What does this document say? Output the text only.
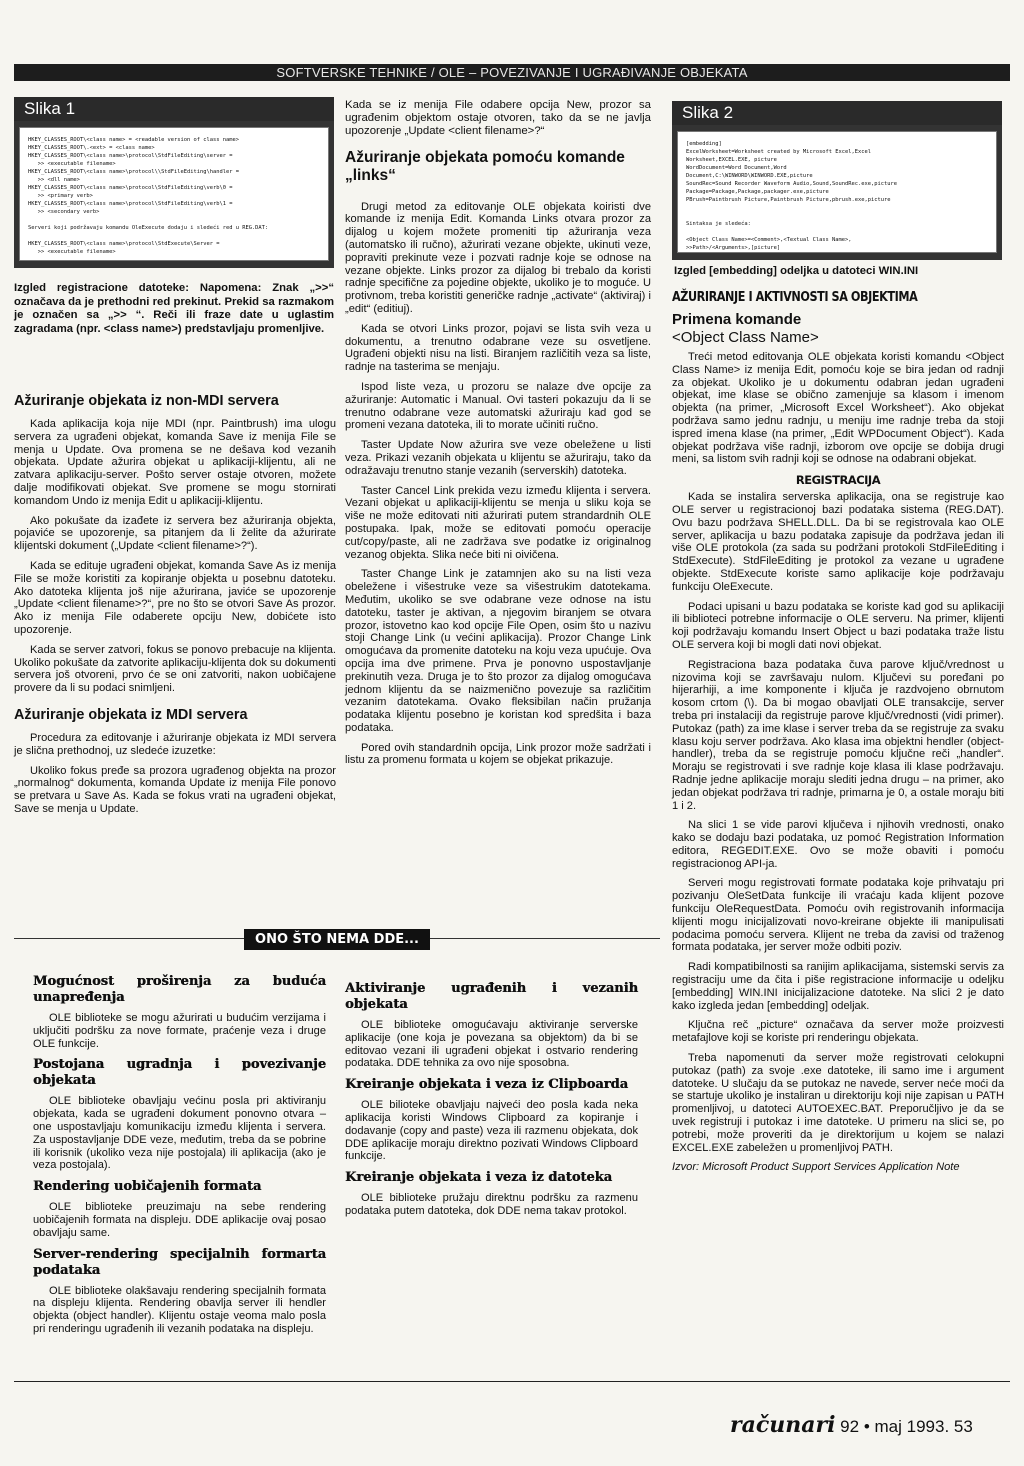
SOFTVERSKE TEHNIKE / OLE – POVEZIVANJE I UGRAĐIVANJE OBJEKATA
Slika 1
HKEY_CLASSES_ROOT\<class name> = <readable version of class name>
HKEY_CLASSES_ROOT\.<ext> = <class name>
HKEY_CLASSES_ROOT\<class name>\protocol\StdFileEditing\server =
>> <executable filename>
HKEY_CLASSES_ROOT\<class name>\protocol\\StdFileEditing\handler =
>> <dll name>
HKEY_CLASSES_ROOT\<class name>\protocol\StdFileEditing\verb\0 =
>> <primary verb>
HKEY_CLASSES_ROOT\<class name>\protocol\StdFileEditing\verb\1 =
>> <secondary verb>

Serveri koji podržavaju komandu OleExecute dodaju i sledeći red u REG.DAT:

HKEY_CLASSES_ROOT\<class name>\protocol\StdExecute\Server =
>> <executable filename>
Izgled registracione datoteke: Napomena: Znak „>>“ označava da je prethodni red prekinut. Prekid sa razmakom je označen sa „>> “. Reči ili fraze date u uglastim zagradama (npr. <class name>) predstavljaju promenljive.
Ažuriranje objekata iz non-MDI servera

Kada aplikacija koja nije MDI (npr. Paintbrush) ima ulogu servera za ugrađeni objekat, komanda Save iz menija File se menja u Update. Ova promena se ne dešava kod vezanih objekata. Update ažurira objekat u aplikaciji-klijentu, ali ne zatvara aplikaciju-server. Pošto server ostaje otvoren, možete dalje modifikovati objekat. Sve promene se mogu stornirati komandom Undo iz menija Edit u aplikaciji-klijentu.

Ako pokušate da izađete iz servera bez ažuriranja objekta, pojaviće se upozorenje, sa pitanjem da li želite da ažurirate klijentski dokument („Update <client filename>?“).

Kada se edituje ugrađeni objekat, komanda Save As iz menija File se može koristiti za kopiranje objekta u posebnu datoteku. Ako datoteka klijenta još nije ažurirana, javiće se upozorenje „Update <client filename>?“, pre no što se otvori Save As prozor. Ako iz menija File odaberete opciju New, dobićete isto upozorenje.

Kada se server zatvori, fokus se ponovo prebacuje na klijenta. Ukoliko pokušate da zatvorite aplikaciju-klijenta dok su dokumenti servera još otvoreni, prvo će se oni zatvoriti, nakon uobičajene provere da li su podaci snimljeni.

Ažuriranje objekata iz MDI servera

Procedura za editovanje i ažuriranje objekata iz MDI servera je slična prethodnoj, uz sledeće izuzetke:

Ukoliko fokus pređe sa prozora ugrađenog objekta na prozor „normalnog“ dokumenta, komanda Update iz menija File ponovo se pretvara u Save As. Kada se fokus vrati na ugrađeni objekat, Save se menja u Update.

Kada se iz menija File odabere opcija New, prozor sa ugrađenim objektom ostaje otvoren, tako da se ne javlja upozorenje „Update <client filename>?“

Ažuriranje objekata pomoću komande „links“

Drugi metod za editovanje OLE objekata koiristi dve komande iz menija Edit. Komanda Links otvara prozor za dijalog u kojem možete promeniti tip ažuriranja veza (automatsko ili ručno), ažurirati vezane objekte, ukinuti veze, popraviti prekinute veze i pozvati radnje koje se odnose na vezane objekte. Links prozor za dijalog bi trebalo da koristi radnje specifične za pojedine objekte, ukoliko je to moguće. U protivnom, treba koristiti generičke radnje „activate“ (aktiviraj) i „edit“ (editiuj).

Kada se otvori Links prozor, pojavi se lista svih veza u dokumentu, a trenutno odabrane veze su osvetljene. Ugrađeni objekti nisu na listi. Biranjem različitih veza sa liste, radnje na tasterima se menjaju.

Ispod liste veza, u prozoru se nalaze dve opcije za ažuriranje: Automatic i Manual. Ovi tasteri pokazuju da li se trenutno odabrane veze automatski ažuriraju kad god se promeni vezana datoteka, ili to morate učiniti ručno.

Taster Update Now ažurira sve veze obeležene u listi veza. Prikazi vezanih objekata u klijentu se ažuriraju, tako da odražavaju trenutno stanje vezanih (serverskih) datoteka.

Taster Cancel Link prekida vezu između klijenta i servera. Vezani objekat u aplikaciji-klijentu se menja u sliku koja se više ne može editovati niti ažurirati putem strandardnih OLE postupaka. Ipak, može se editovati pomoću operacije cut/copy/paste, ali ne zadržava sve podatke iz originalnog vezanog objekta. Slika neće biti ni oivičena.

Taster Change Link je zatamnjen ako su na listi veza obeležene i višestruke veze sa višestrukim datotekama. Međutim, ukoliko se sve odabrane veze odnose na istu datoteku, taster je aktivan, a njegovim biranjem se otvara prozor, istovetno kao kod opcije File Open, osim što u nazivu stoji Change Link (u većini aplikacija). Prozor Change Link omogućava da promenite datoteku na koju veza upućuje. Ova opcija ima dve primene. Prva je ponovno uspostavljanje prekinutih veza. Druga je to što prozor za dijalog omogućava jednom klijentu da se naizmenično povezuje sa različitim vezanim datotekama. Ovako fleksibilan način pružanja podataka klijentu posebno je koristan kod spredšita i baza podataka.

Pored ovih standardnih opcija, Link prozor može sadržati i listu za promenu formata u kojem se objekat prikazuje.

Slika 2
[embedding]
ExcelWorksheet=Worksheet created by Microsoft Excel,Excel
Worksheet,EXCEL.EXE, picture
WordDocument=Word Document,Word
Document,C:\WINWORD\WINWORD.EXE,picture
SoundRec=Sound Recorder Waveform Audio,Sound,SoundRec.exe,picture
Package=Package,Package,packager.exe,picture
PBrush=Paintbrush Picture,Paintbrush Picture,pbrush.exe,picture

Sintaksa je sledeća:

<Object Class Name>=<Comment>,<Textual Class Name>,
>>Path>/<Arguments>,[picture]
Izgled [embedding] odeljka u datoteci WIN.INI
AŽURIRANJE I AKTIVNOSTI SA OBJEKTIMA
Primena komande
<Object Class Name>

Treći metod editovanja OLE objekata koristi komandu <Object Class Name> iz menija Edit, pomoću koje se bira jedan od radnji za objekat. Ukoliko je u dokumentu odabran jedan ugrađeni objekat, ime klase se obično zamenjuje sa klasom i imenom objekta (na primer, „Microsoft Excel Worksheet“). Ako objekat podržava samo jednu radnju, u meniju ime radnje treba da stoji ispred imena klase (na primer, „Edit WPDocument Object“). Kada objekat podržava više radnji, izborom ove opcije se dobija drugi meni, sa listom svih radnji koji se odnose na odabrani objekat.

REGISTRACIJA

Kada se instalira serverska aplikacija, ona se registruje kao OLE server u registracionoj bazi podataka sistema (REG.DAT). Ovu bazu podržava SHELL.DLL. Da bi se registrovala kao OLE server, aplikacija u bazu podataka zapisuje da podržava jedan ili više OLE protokola (za sada su podržani protokoli StdFileEditing i StdExecute). StdFileEditing je protokol za vezane u ugrađene objekte. StdExecute koriste samo aplikacije koje podržavaju funkciju OleExecute.

Podaci upisani u bazu podataka se koriste kad god su aplikaciji ili biblioteci potrebne informacije o OLE serveru. Na primer, klijenti koji podržavaju komandu Insert Object u bazi podataka traže listu OLE servera koji bi mogli dati novi objekat.

Registraciona baza podataka čuva parove ključ/vrednost u nizovima koji se završavaju nulom. Ključevi su poređani po hijerarhiji, a ime komponente i ključa je razdvojeno obrnutom kosom crtom (\). Da bi mogao obavljati OLE transakcije, server treba pri instalaciji da registruje parove ključ/vrednosti (vidi primer). Putokaz (path) za ime klase i server treba da se registruje za svaku klasu koju server podržava. Ako klasa ima objektni hendler (object-handler), treba da se registruje pomoću ključne reči „handler“. Moraju se registrovati i sve radnje koje klasa ili klase podržavaju. Radnje jedne aplikacije moraju slediti jedna drugu – na primer, ako jedan objekat podržava tri radnje, primarna je 0, a ostale moraju biti 1 i 2.

Na slici 1 se vide parovi ključeva i njihovih vrednosti, onako kako se dodaju bazi podataka, uz pomoć Registration Information editora, REGEDIT.EXE. Ovo se može obaviti i pomoću registracionog API-ja.

Serveri mogu registrovati formate podataka koje prihvataju pri pozivanju OleSetData funkcije ili vraćaju kada klijent pozove funkciju OleRequestData. Pomoću ovih registrovanih informacija klijenti mogu inicijalizovati novo-kreirane objekte ili manipulisati podacima pomoću servera. Klijent ne treba da zavisi od traženog formata podataka, jer server može odbiti poziv.

Radi kompatibilnosti sa ranijim aplikacijama, sistemski servis za registraciju ume da čita i piše registracione informacije u odeljku [embedding] WIN.INI inicijalizacione datoteke. Na slici 2 je dato kako izgleda jedan [embedding] odeljak.

Ključna reč „picture“ označava da server može proizvesti metafajlove koji se koriste pri renderingu objekata.

Treba napomenuti da server može registrovati celokupni putokaz (path) za svoje .exe datoteke, ili samo ime i argument datoteke. U slučaju da se putokaz ne navede, server neće moći da se startuje ukoliko je instaliran u direktoriju koji nije zapisan u PATH promenljivoj, u datoteci AUTOEXEC.BAT. Preporučljivo je da se uvek registruji i putokaz i ime datoteke. U primeru na slici se, po potrebi, može proveriti da je direktorijum u kojem se nalazi EXCEL.EXE zabeležen u promenljivoj PATH.

Izvor: Microsoft Product Support Services Application Note

ONO ŠTO NEMA DDE...
Mogućnost proširenja za buduća unapređenja

OLE biblioteke se mogu ažurirati u budućim verzijama i uključiti podršku za nove formate, praćenje veza i druge OLE funkcije.

Postojana ugradnja i povezivanje objekata

OLE biblioteke obavljaju većinu posla pri aktiviranju objekata, kada se ugrađeni dokument ponovno otvara – one uspostavljaju komunikaciju između klijenta i servera. Za uspostavljanje DDE veze, međutim, treba da se pobrine ili korisnik (ukoliko veza nije postojala) ili aplikacija (ako je veza postojala).

Rendering uobičajenih formata

OLE biblioteke preuzimaju na sebe rendering uobičajenih formata na displeju. DDE aplikacije ovaj posao obavljaju same.

Server-rendering specijalnih formarta podataka

OLE biblioteke olakšavaju rendering specijalnih formata na displeju klijenta. Rendering obavlja server ili hendler objekta (object handler). Klijentu ostaje veoma malo posla pri renderingu ugrađenih ili vezanih podataka na displeju.

Aktiviranje ugrađenih i vezanih objekata

OLE biblioteke omogućavaju aktiviranje serverske aplikacije (one koja je povezana sa objektom) da bi se editovao vezani ili ugrađeni objekat i ostvario rendering podataka. DDE tehnika za ovo nije sposobna.

Kreiranje objekata i veza iz Clipboarda

OLE bilioteke obavljaju najveći deo posla kada neka aplikacija koristi Windows Clipboard za kopiranje i dodavanje (copy and paste) veza ili razmenu objekata, dok DDE aplikacije moraju direktno pozivati Windows Clipboard funkcije.

Kreiranje objekata i veza iz datoteka

OLE biblioteke pružaju direktnu podršku za razmenu podataka putem datoteka, dok DDE nema takav protokol.

računari 92 • maj 1993. 53
